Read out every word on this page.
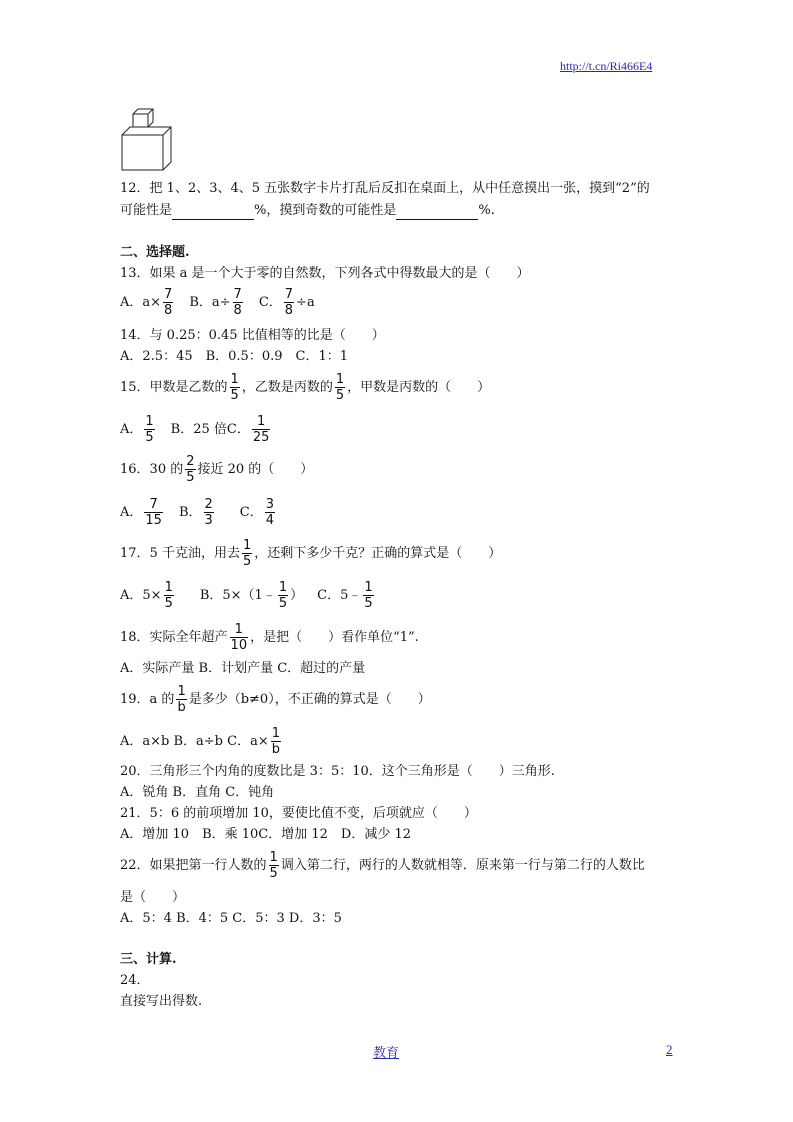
http://t.cn/Ri466E4
12．把 1、2、3、4、5 五张数字卡片打乱后反扣在桌面上，从中任意摸出一张，摸到“2”的
可能性是	%，摸到奇数的可能性是	%.
二、选择题.
13．如果 a 是一个大于零的自然数，下列各式中得数最大的是（　　）
A．$a\times \frac{7}{8}$ B．$a\div \frac{7}{8}$ C． $\frac{7}{8} \div a$
14．与 0.25：0.45 比值相等的比是（　　）
A．2.5：45　B．0.5：0.9　C．1：1
15．甲数是乙数的 $\frac{1}{5}$ ，乙数是丙数的 $\frac{1}{5}$ ，甲数是丙数的（　　）
A． $\frac{1}{5}$ B．25 倍C． $\frac{1}{25}$
16．30 的 $\frac{2}{5}$ 接近 20 的（　　）
A． $\frac{7}{15}$ B． $\frac{2}{3}$ C． $\frac{3}{4}$
17．5 千克油，用去 $\frac{1}{5}$ ，还剩下多少千克？正确的算式是（　　）
A．$5\times \frac{1}{5}$ B．5×（1﹣ $\frac{1}{5}$ ） C．5﹣ $\frac{1}{5}$
18．实际全年超产 $\frac{1}{10}$ ，是把（　　）看作单位“1”.
A．实际产量 B．计划产量 C．超过的产量
19．a 的 $\frac{1}{b}$ 是多少（b≠0），不正确的算式是（　　）
A．a×b B．a÷b C．$a\times \frac{1}{b}$
20．三角形三个内角的度数比是 3：5：10．这个三角形是（　　）三角形.
A．锐角 B．直角 C．钝角
21．5：6 的前项增加 10，要使比值不变，后项就应（　　）
A．增加 10　B．乘 10C．增加 12　D．减少 12
22．如果把第一行人数的 $\frac{1}{5}$ 调入第二行，两行的人数就相等．原来第一行与第二行的人数比
是（　　）
A．5：4 B．4：5 C．5：3 D．3：5
三、计算.
24．
直接写出得数.
教育	2
